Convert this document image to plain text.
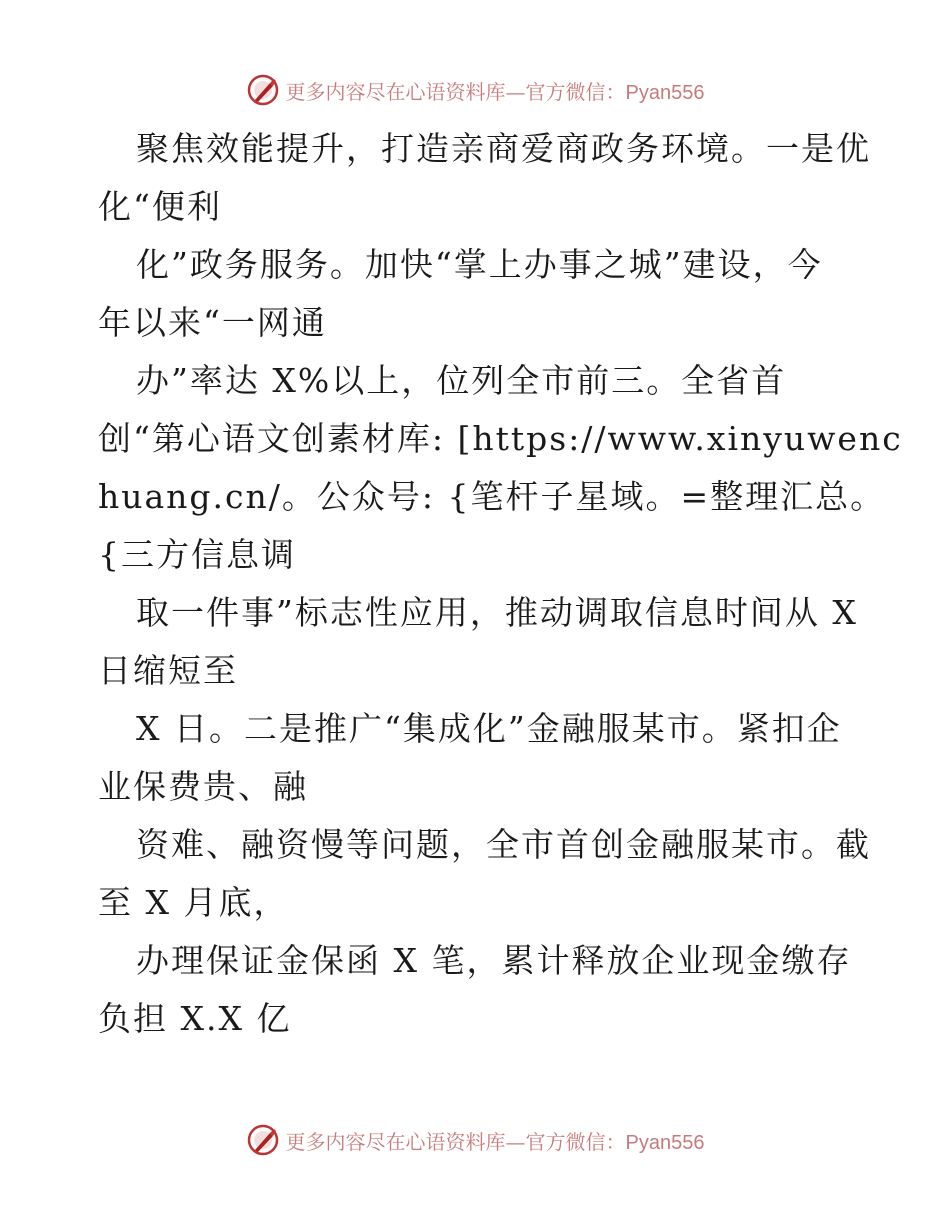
更多内容尽在心语资料库—官方微信：Pyan556
聚焦效能提升，打造亲商爱商政务环境。一是优
化“便利
化”政务服务。加快“掌上办事之城”建设，今
年以来“一网通
办”率达 X%以上，位列全市前三。全省首
创“第心语文创素材库: [https://www.xinyuwenc
huang.cn/。公众号: {笔杆子星域。=整理汇总。
{三方信息调
取一件事”标志性应用，推动调取信息时间从 X
日缩短至
X 日。二是推广“集成化”金融服某市。紧扣企
业保费贵、融
资难、融资慢等问题，全市首创金融服某市。截
至 X 月底，
办理保证金保函 X 笔，累计释放企业现金缴存
负担 X.X 亿
更多内容尽在心语资料库—官方微信：Pyan556
